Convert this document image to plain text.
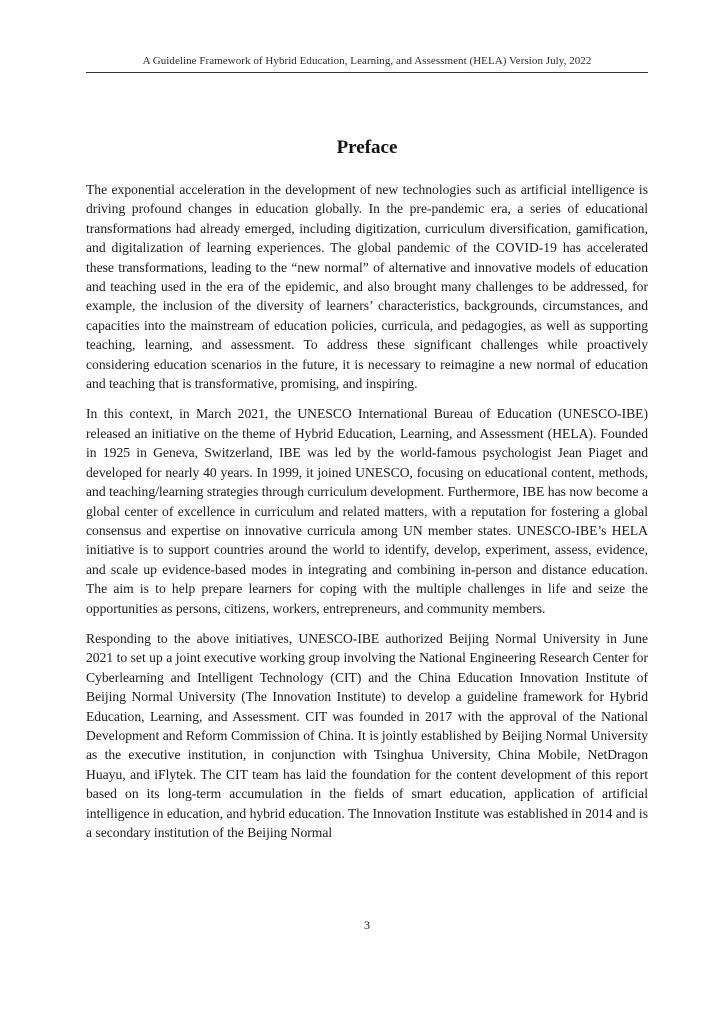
A Guideline Framework of Hybrid Education, Learning, and Assessment (HELA) Version July, 2022
Preface

The exponential acceleration in the development of new technologies such as artificial intelligence is driving profound changes in education globally. In the pre-pandemic era, a series of educational transformations had already emerged, including digitization, curriculum diversification, gamification, and digitalization of learning experiences. The global pandemic of the COVID-19 has accelerated these transformations, leading to the “new normal” of alternative and innovative models of education and teaching used in the era of the epidemic, and also brought many challenges to be addressed, for example, the inclusion of the diversity of learners’ characteristics, backgrounds, circumstances, and capacities into the mainstream of education policies, curricula, and pedagogies, as well as supporting teaching, learning, and assessment. To address these significant challenges while proactively considering education scenarios in the future, it is necessary to reimagine a new normal of education and teaching that is transformative, promising, and inspiring.

In this context, in March 2021, the UNESCO International Bureau of Education (UNESCO-IBE) released an initiative on the theme of Hybrid Education, Learning, and Assessment (HELA). Founded in 1925 in Geneva, Switzerland, IBE was led by the world-famous psychologist Jean Piaget and developed for nearly 40 years. In 1999, it joined UNESCO, focusing on educational content, methods, and teaching/learning strategies through curriculum development. Furthermore, IBE has now become a global center of excellence in curriculum and related matters, with a reputation for fostering a global consensus and expertise on innovative curricula among UN member states. UNESCO-IBE’s HELA initiative is to support countries around the world to identify, develop, experiment, assess, evidence, and scale up evidence-based modes in integrating and combining in-person and distance education. The aim is to help prepare learners for coping with the multiple challenges in life and seize the opportunities as persons, citizens, workers, entrepreneurs, and community members.

Responding to the above initiatives, UNESCO-IBE authorized Beijing Normal University in June 2021 to set up a joint executive working group involving the National Engineering Research Center for Cyberlearning and Intelligent Technology (CIT) and the China Education Innovation Institute of Beijing Normal University (The Innovation Institute) to develop a guideline framework for Hybrid Education, Learning, and Assessment. CIT was founded in 2017 with the approval of the National Development and Reform Commission of China. It is jointly established by Beijing Normal University as the executive institution, in conjunction with Tsinghua University, China Mobile, NetDragon Huayu, and iFlytek. The CIT team has laid the foundation for the content development of this report based on its long-term accumulation in the fields of smart education, application of artificial intelligence in education, and hybrid education. The Innovation Institute was established in 2014 and is a secondary institution of the Beijing Normal

3
